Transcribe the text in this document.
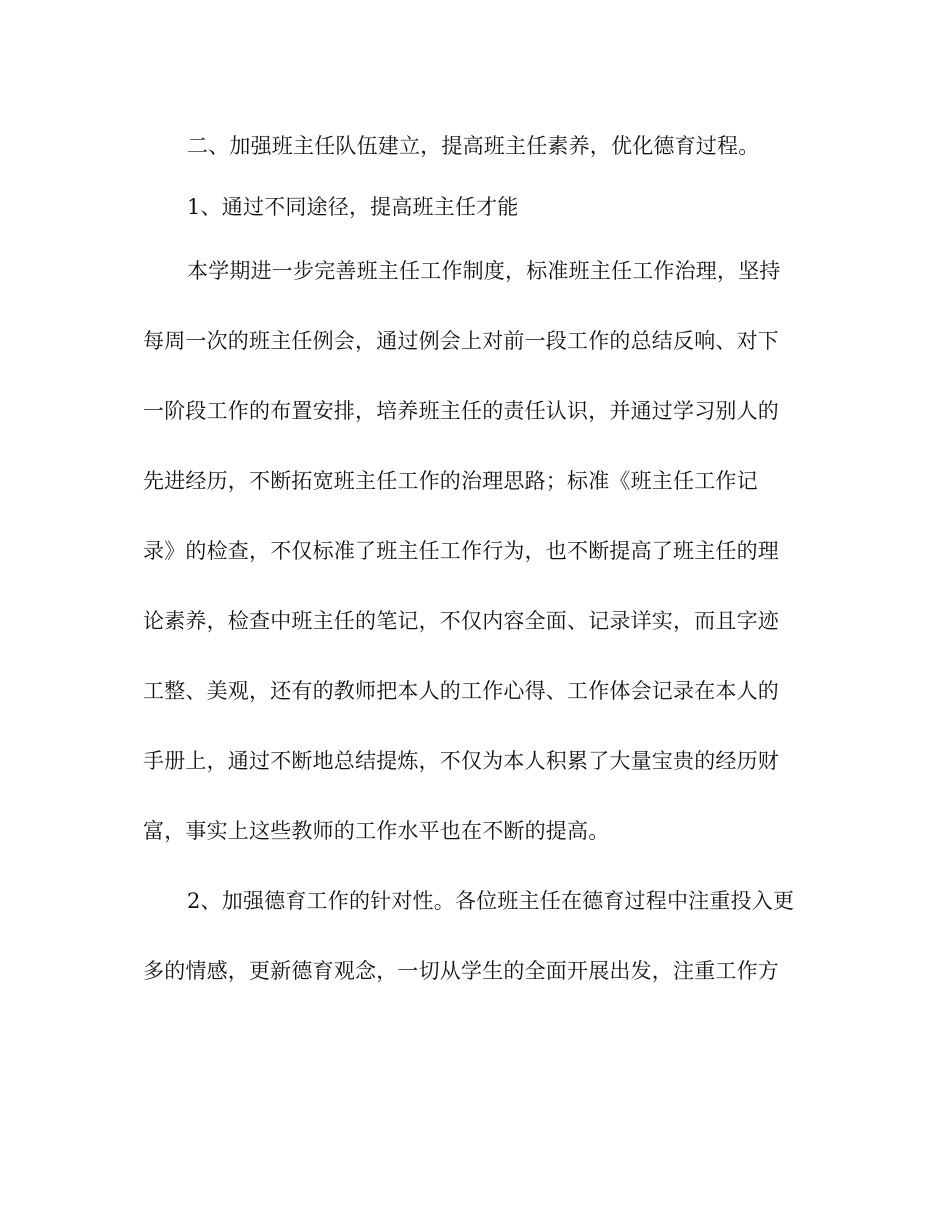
二、加强班主任队伍建立，提高班主任素养，优化德育过程。
1、通过不同途径，提高班主任才能
本学期进一步完善班主任工作制度，标准班主任工作治理，坚持
每周一次的班主任例会，通过例会上对前一段工作的总结反响、对下
一阶段工作的布置安排，培养班主任的责任认识，并通过学习别人的
先进经历，不断拓宽班主任工作的治理思路；标准《班主任工作记
录》的检查，不仅标准了班主任工作行为，也不断提高了班主任的理
论素养，检查中班主任的笔记，不仅内容全面、记录详实，而且字迹
工整、美观，还有的教师把本人的工作心得、工作体会记录在本人的
手册上，通过不断地总结提炼，不仅为本人积累了大量宝贵的经历财
富，事实上这些教师的工作水平也在不断的提高。
2、加强德育工作的针对性。各位班主任在德育过程中注重投入更
多的情感，更新德育观念，一切从学生的全面开展出发，注重工作方
